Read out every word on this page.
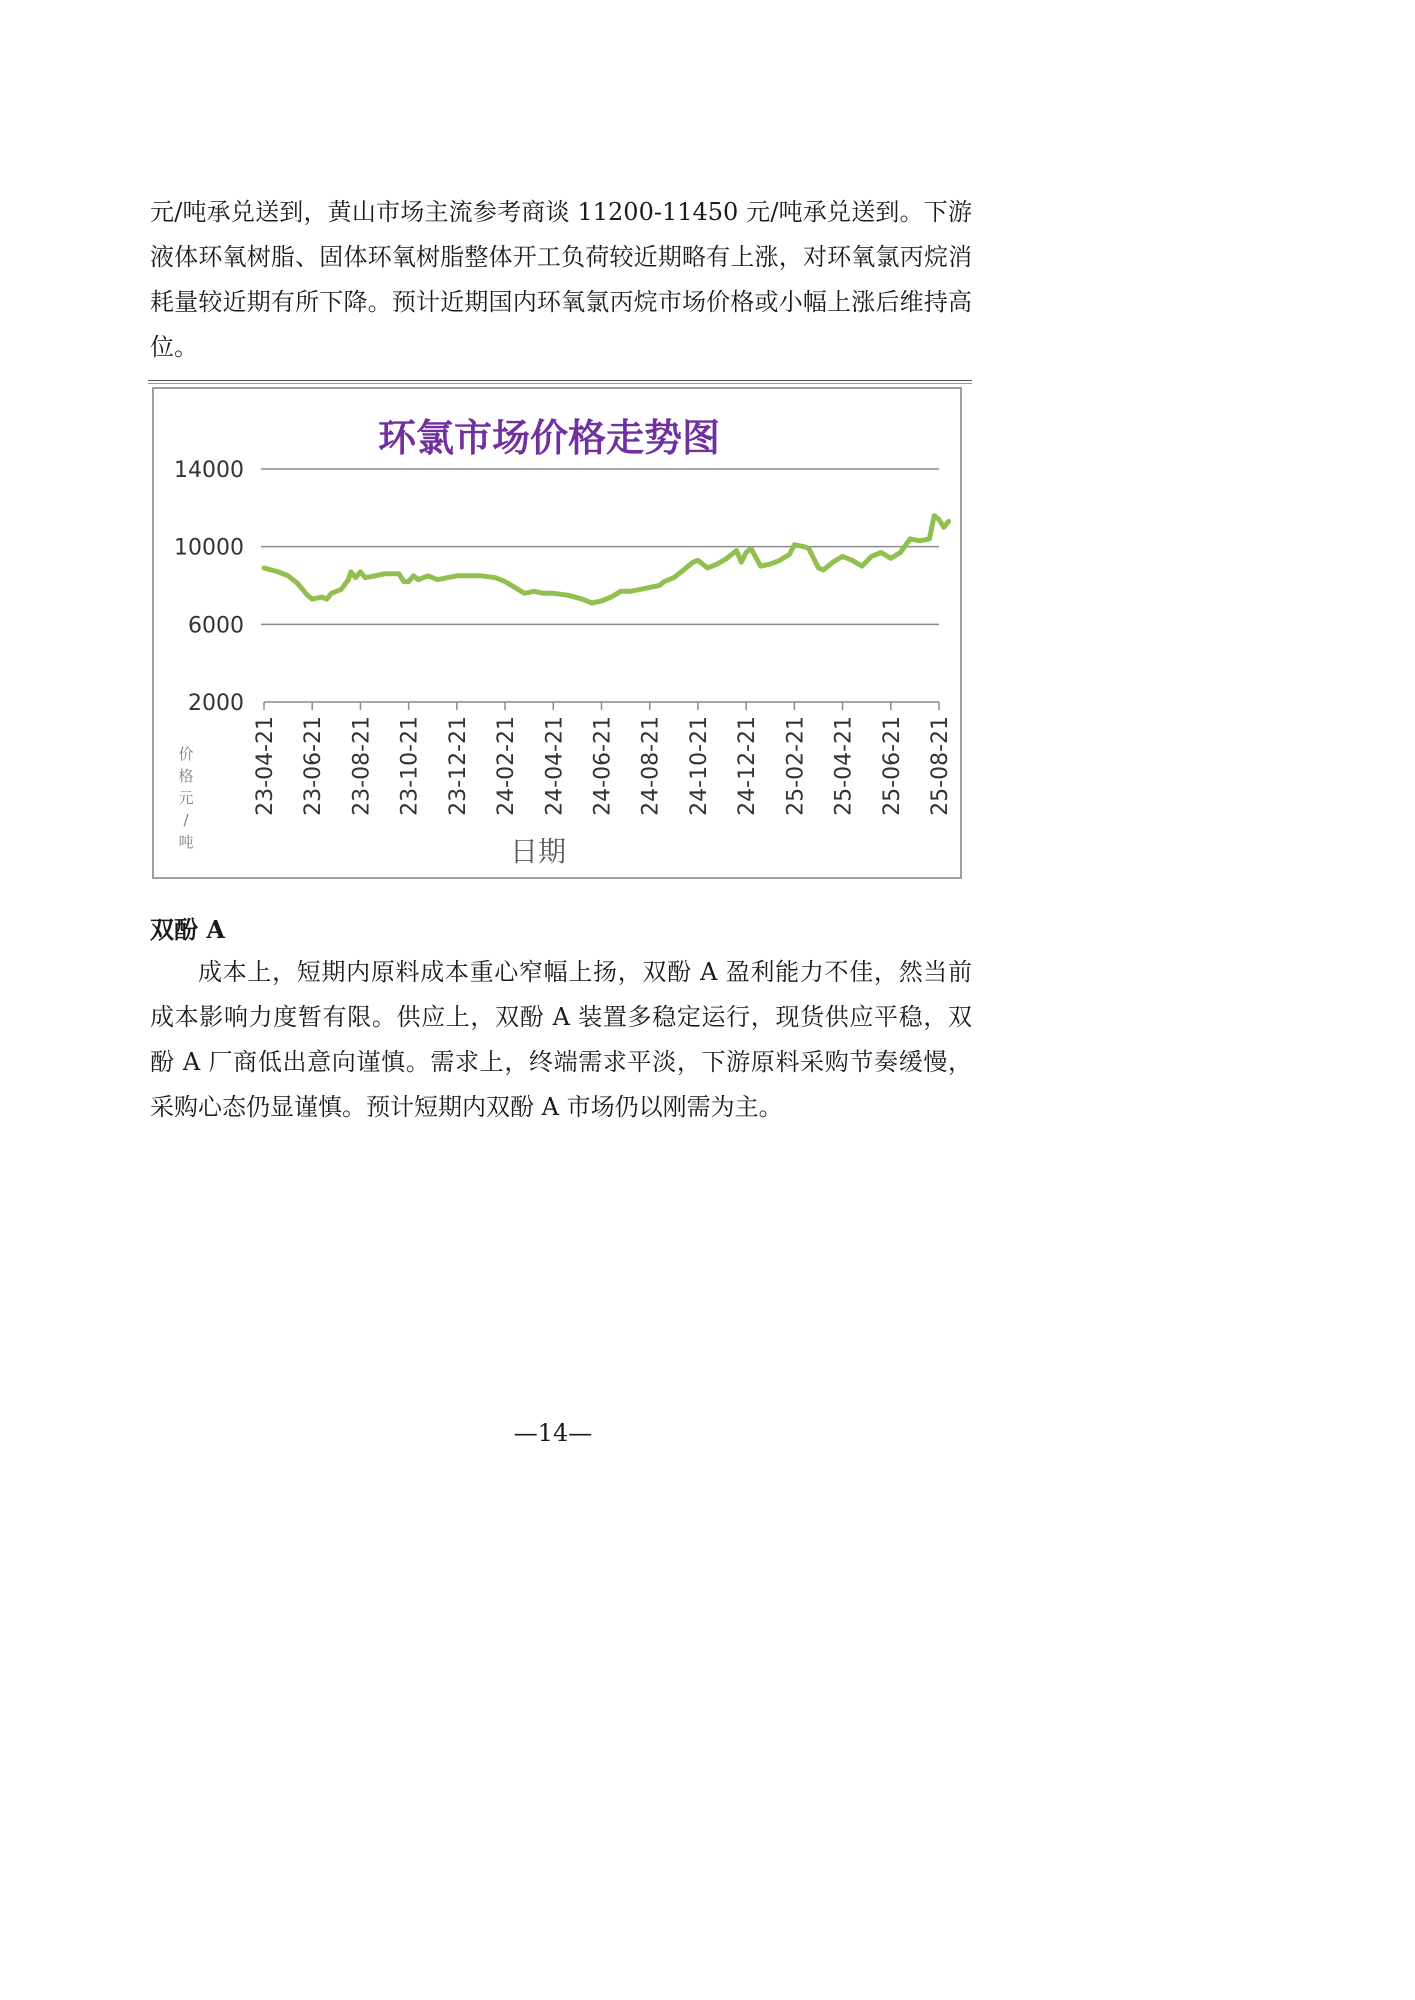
元/吨承兑送到，黄山市场主流参考商谈 11200-11450 元/吨承兑送到。下游液体环氧树脂、固体环氧树脂整体开工负荷较近期略有上涨，对环氧氯丙烷消耗量较近期有所下降。预计近期国内环氧氯丙烷市场价格或小幅上涨后维持高位。

环氯市场价格走势图
2000
6000
10000
14000
23-04-21 23-06-21 23-08-21 23-10-21 23-12-21 24-02-21 24-04-21 24-06-21 24-08-21 24-10-21 24-12-21 25-02-21 25-04-21 25-06-21 25-08-21
价
格
元
/
吨	日期

双酚 A

成本上，短期内原料成本重心窄幅上扬，双酚 A 盈利能力不佳，然当前成本影响力度暂有限。供应上，双酚 A 装置多稳定运行，现货供应平稳，双酚 A 厂商低出意向谨慎。需求上，终端需求平淡，下游原料采购节奏缓慢，采购心态仍显谨慎。预计短期内双酚 A 市场仍以刚需为主。

—14—
